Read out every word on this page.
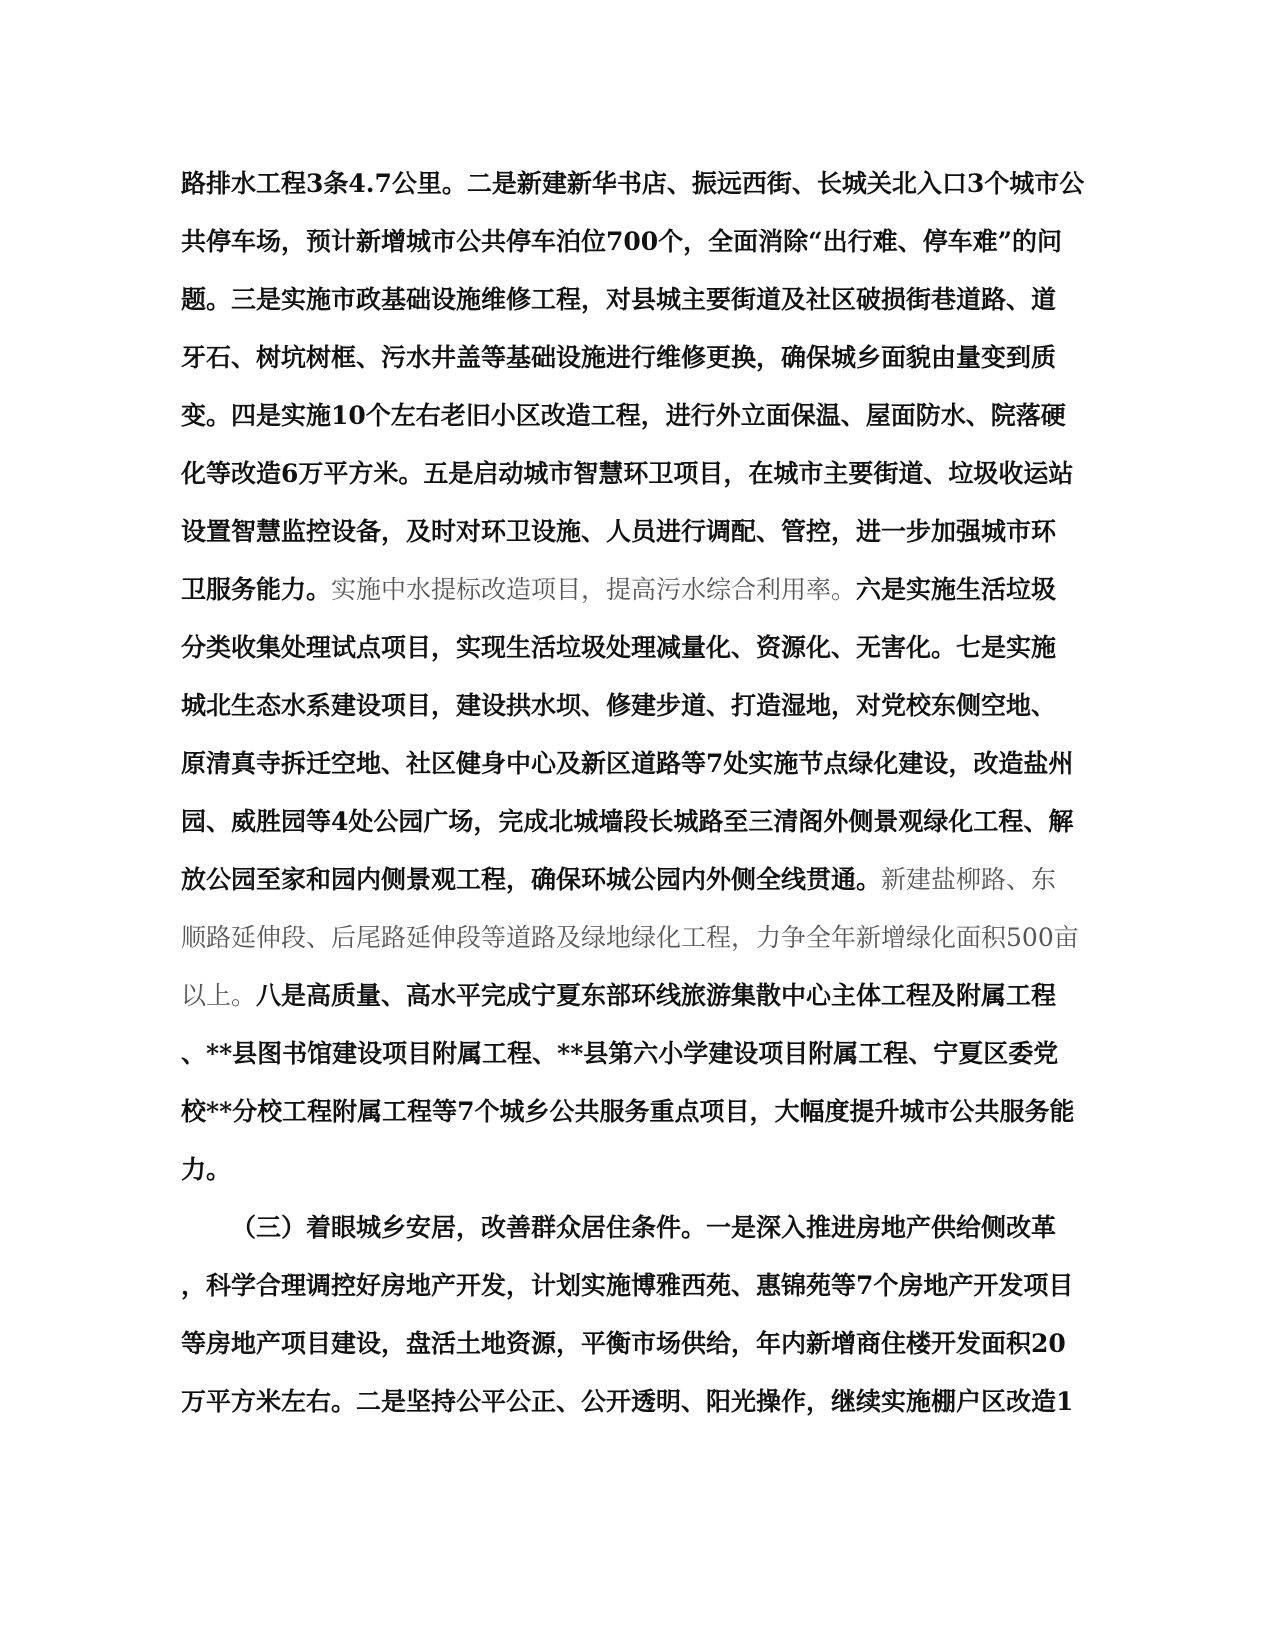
路排水工程3条4.7公里。二是新建新华书店、振远西街、长城关北入口3个城市公
共停车场，预计新增城市公共停车泊位700个，全面消除“出行难、停车难”的问
题。三是实施市政基础设施维修工程，对县城主要街道及社区破损街巷道路、道
牙石、树坑树框、污水井盖等基础设施进行维修更换，确保城乡面貌由量变到质
变。四是实施10个左右老旧小区改造工程，进行外立面保温、屋面防水、院落硬
化等改造6万平方米。五是启动城市智慧环卫项目，在城市主要街道、垃圾收运站
设置智慧监控设备，及时对环卫设施、人员进行调配、管控，进一步加强城市环
卫服务能力。实施中水提标改造项目，提高污水综合利用率。六是实施生活垃圾
分类收集处理试点项目，实现生活垃圾处理减量化、资源化、无害化。七是实施
城北生态水系建设项目，建设拱水坝、修建步道、打造湿地，对党校东侧空地、
原清真寺拆迁空地、社区健身中心及新区道路等7处实施节点绿化建设，改造盐州
园、威胜园等4处公园广场，完成北城墙段长城路至三清阁外侧景观绿化工程、解
放公园至家和园内侧景观工程，确保环城公园内外侧全线贯通。新建盐柳路、东
顺路延伸段、后尾路延伸段等道路及绿地绿化工程，力争全年新增绿化面积500亩
以上。八是高质量、高水平完成宁夏东部环线旅游集散中心主体工程及附属工程
、**县图书馆建设项目附属工程、**县第六小学建设项目附属工程、宁夏区委党
校**分校工程附属工程等7个城乡公共服务重点项目，大幅度提升城市公共服务能
力。
（三）着眼城乡安居，改善群众居住条件。一是深入推进房地产供给侧改革
，科学合理调控好房地产开发，计划实施博雅西苑、惠锦苑等7个房地产开发项目
等房地产项目建设，盘活土地资源，平衡市场供给，年内新增商住楼开发面积20
万平方米左右。二是坚持公平公正、公开透明、阳光操作，继续实施棚户区改造1
